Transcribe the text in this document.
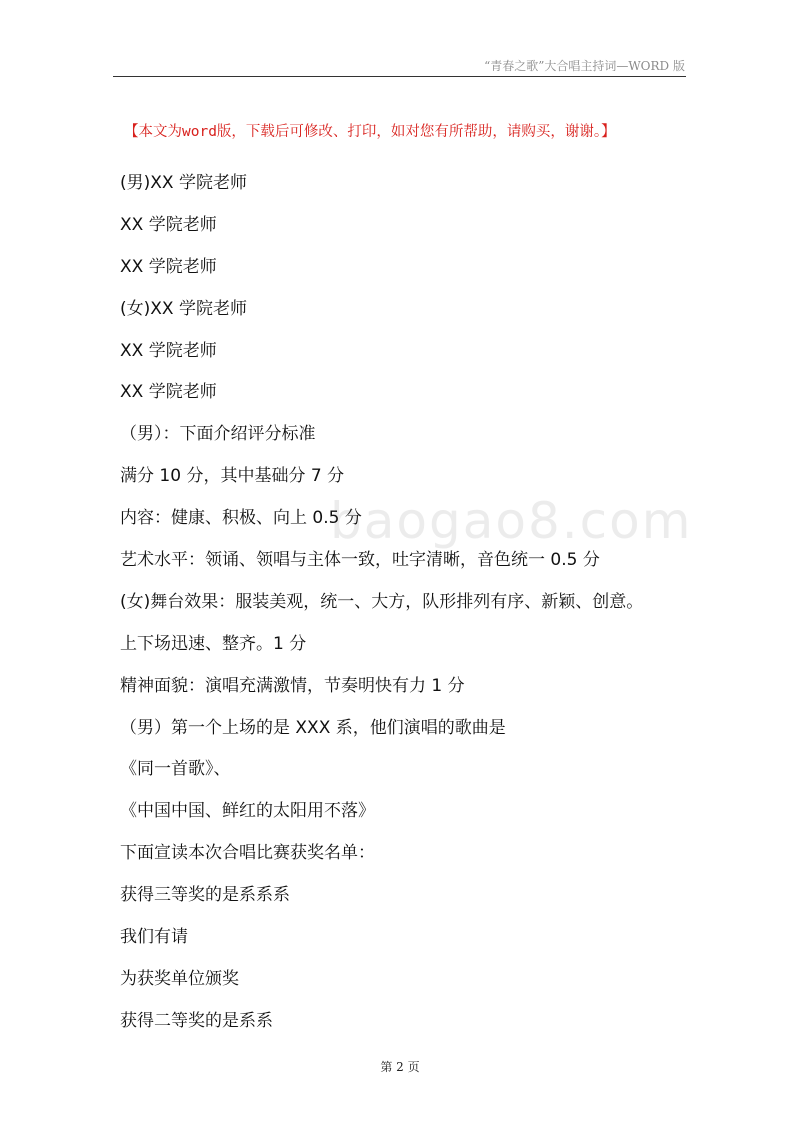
“青春之歌”大合唱主持词—WORD 版
【本文为word版，下载后可修改、打印，如对您有所帮助，请购买，谢谢。】
baogao8.com
(男)XX 学院老师
XX 学院老师
XX 学院老师
(女)XX 学院老师
XX 学院老师
XX 学院老师
（男）：下面介绍评分标准
满分 10 分，其中基础分 7 分
内容：健康、积极、向上 0.5 分
艺术水平：领诵、领唱与主体一致，吐字清晰，音色统一 0.5 分
(女)舞台效果：服装美观，统一、大方，队形排列有序、新颖、创意。
上下场迅速、整齐。1 分
精神面貌：演唱充满激情，节奏明快有力 1 分
（男）第一个上场的是 XXX 系，他们演唱的歌曲是
《同一首歌》、
《中国中国、鲜红的太阳用不落》
下面宣读本次合唱比赛获奖名单：
获得三等奖的是系系系
我们有请
为获奖单位颁奖
获得二等奖的是系系
第 2 页
